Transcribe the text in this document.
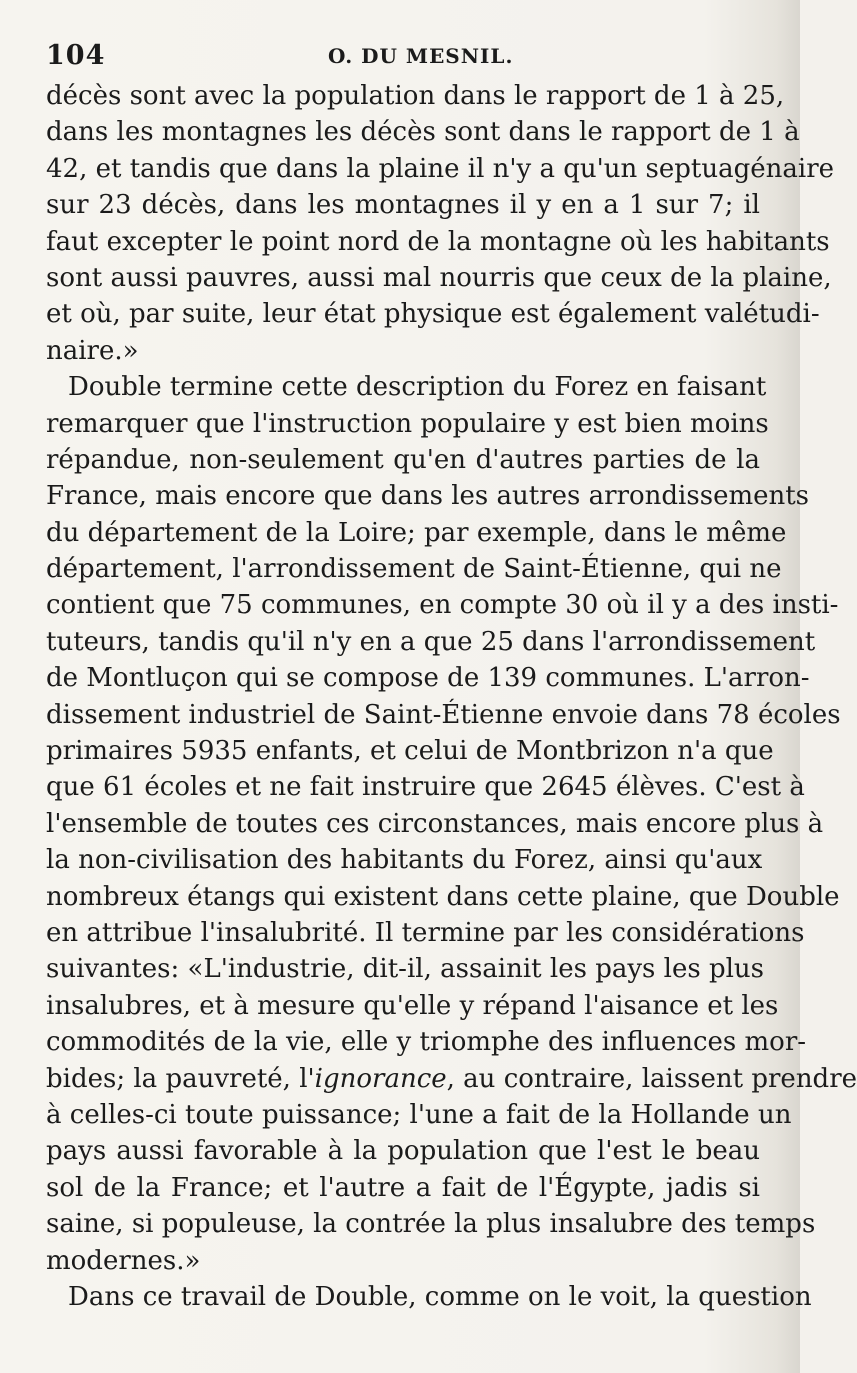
104	O. DU MESNIL.
décès sont avec la population dans le rapport de 1 à 25,
dans les montagnes les décès sont dans le rapport de 1 à
42, et tandis que dans la plaine il n'y a qu'un septuagénaire
sur 23 décès, dans les montagnes il y en a 1 sur 7; il
faut excepter le point nord de la montagne où les habitants
sont aussi pauvres, aussi mal nourris que ceux de la plaine,
et où, par suite, leur état physique est également valétudi-
naire.»
Double termine cette description du Forez en faisant
remarquer que l'instruction populaire y est bien moins
répandue, non-seulement qu'en d'autres parties de la
France, mais encore que dans les autres arrondissements
du département de la Loire; par exemple, dans le même
département, l'arrondissement de Saint-Étienne, qui ne
contient que 75 communes, en compte 30 où il y a des insti-
tuteurs, tandis qu'il n'y en a que 25 dans l'arrondissement
de Montluçon qui se compose de 139 communes. L'arron-
dissement industriel de Saint-Étienne envoie dans 78 écoles
primaires 5935 enfants, et celui de Montbrizon n'a que
que 61 écoles et ne fait instruire que 2645 élèves. C'est à
l'ensemble de toutes ces circonstances, mais encore plus à
la non-civilisation des habitants du Forez, ainsi qu'aux
nombreux étangs qui existent dans cette plaine, que Double
en attribue l'insalubrité. Il termine par les considérations
suivantes: «L'industrie, dit-il, assainit les pays les plus
insalubres, et à mesure qu'elle y répand l'aisance et les
commodités de la vie, elle y triomphe des influences mor-
bides; la pauvreté, l'ignorance, au contraire, laissent prendre
à celles-ci toute puissance; l'une a fait de la Hollande un
pays aussi favorable à la population que l'est le beau
sol de la France; et l'autre a fait de l'Égypte, jadis si
saine, si populeuse, la contrée la plus insalubre des temps
modernes.»
Dans ce travail de Double, comme on le voit, la question
